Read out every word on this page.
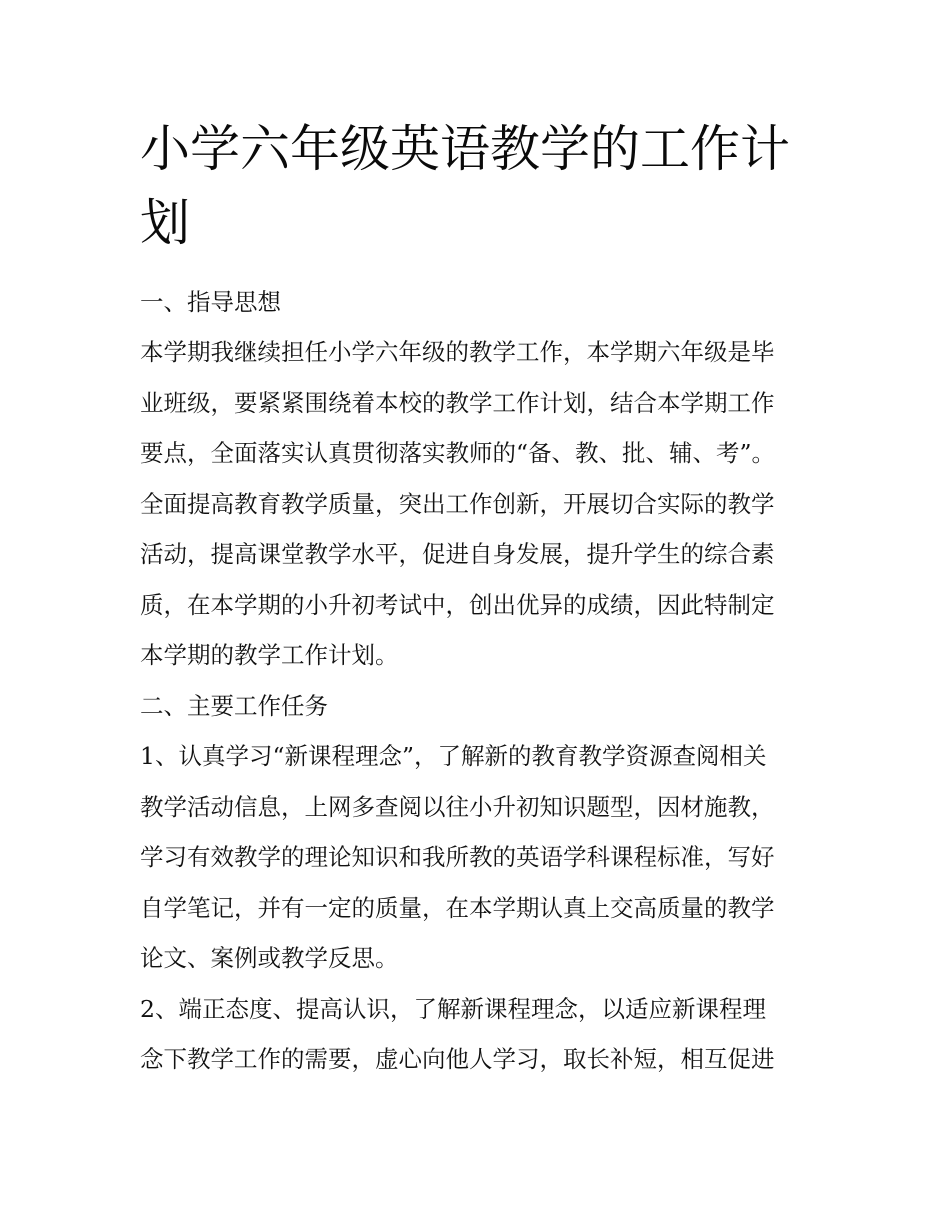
小学六年级英语教学的工作计
划

一、指导思想

本学期我继续担任小学六年级的教学工作，本学期六年级是毕

业班级，要紧紧围绕着本校的教学工作计划，结合本学期工作

要点，全面落实认真贯彻落实教师的“备、教、批、辅、考”。

全面提高教育教学质量，突出工作创新，开展切合实际的教学

活动，提高课堂教学水平，促进自身发展，提升学生的综合素

质，在本学期的小升初考试中，创出优异的成绩，因此特制定

本学期的教学工作计划。

二、主要工作任务

1、认真学习“新课程理念”，了解新的教育教学资源查阅相关

教学活动信息，上网多查阅以往小升初知识题型，因材施教，

学习有效教学的理论知识和我所教的英语学科课程标准，写好

自学笔记，并有一定的质量，在本学期认真上交高质量的教学

论文、案例或教学反思。

2、端正态度、提高认识，了解新课程理念，以适应新课程理

念下教学工作的需要，虚心向他人学习，取长补短，相互促进
